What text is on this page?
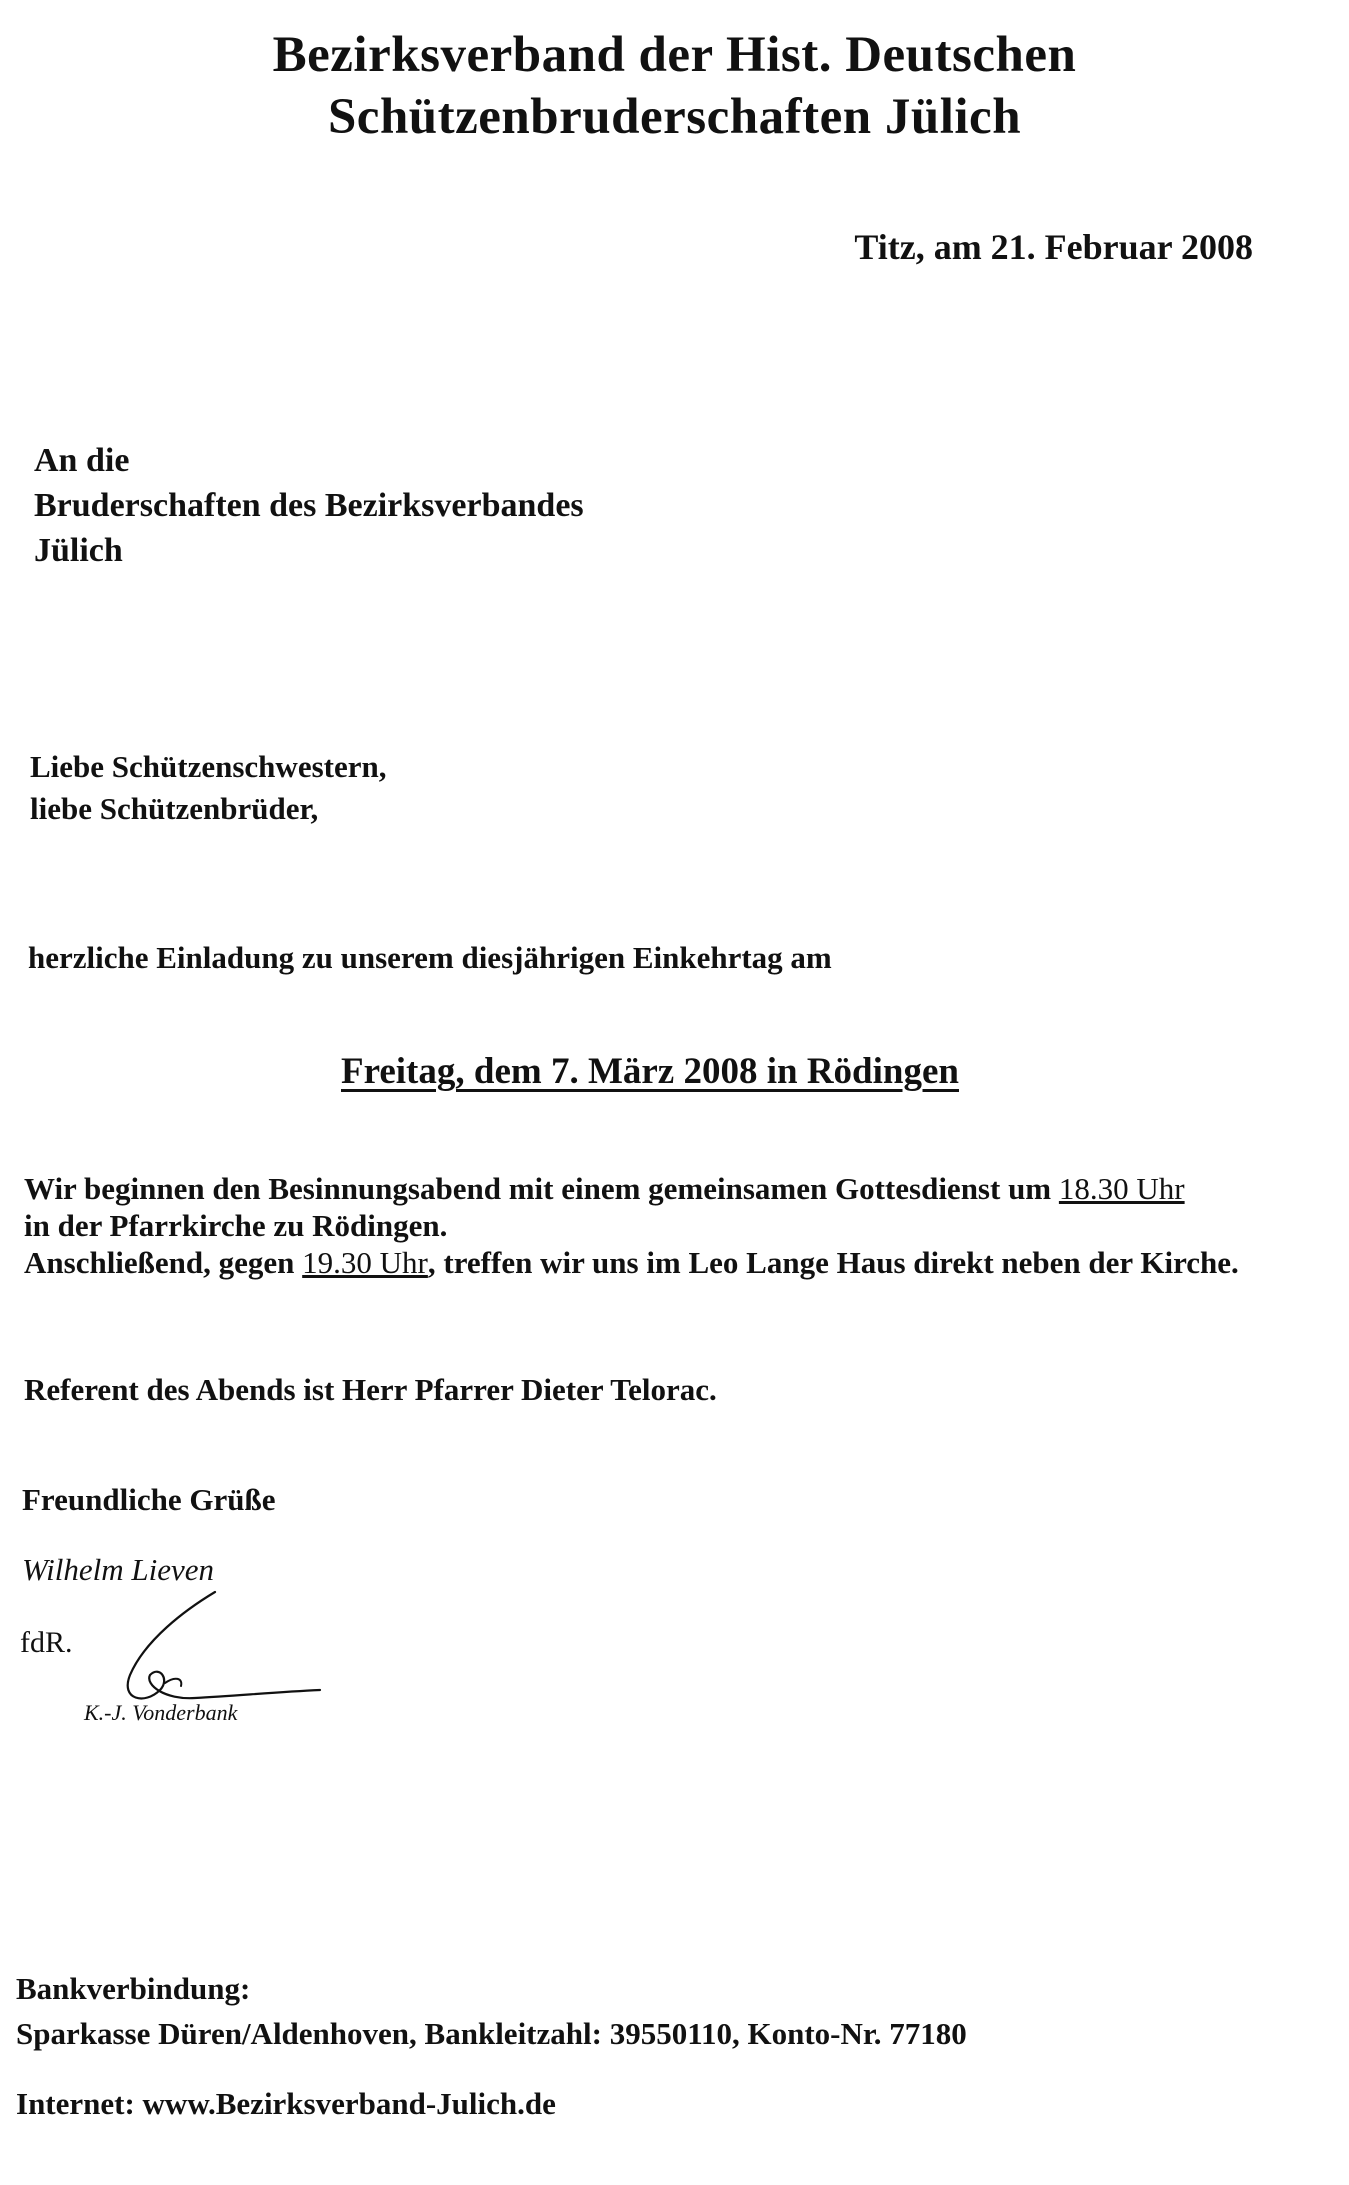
Bezirksverband der Hist. Deutschen
Schützenbruderschaften Jülich
Titz, am 21. Februar 2008
An die
Bruderschaften des Bezirksverbandes
Jülich
Liebe Schützenschwestern,
liebe Schützenbrüder,
herzliche Einladung zu unserem diesjährigen Einkehrtag am
Freitag, dem 7. März 2008 in Rödingen
Wir beginnen den Besinnungsabend mit einem gemeinsamen Gottesdienst um 18.30 Uhr
in der Pfarrkirche zu Rödingen.
Anschließend, gegen 19.30 Uhr, treffen wir uns im Leo Lange Haus direkt neben der Kirche.
Referent des Abends ist Herr Pfarrer Dieter Telorac.
Freundliche Grüße
Wilhelm Lieven
fdR.
K.-J. Vonderbank
Bankverbindung:
Sparkasse Düren/Aldenhoven, Bankleitzahl: 39550110, Konto-Nr. 77180
Internet: www.Bezirksverband-Julich.de
